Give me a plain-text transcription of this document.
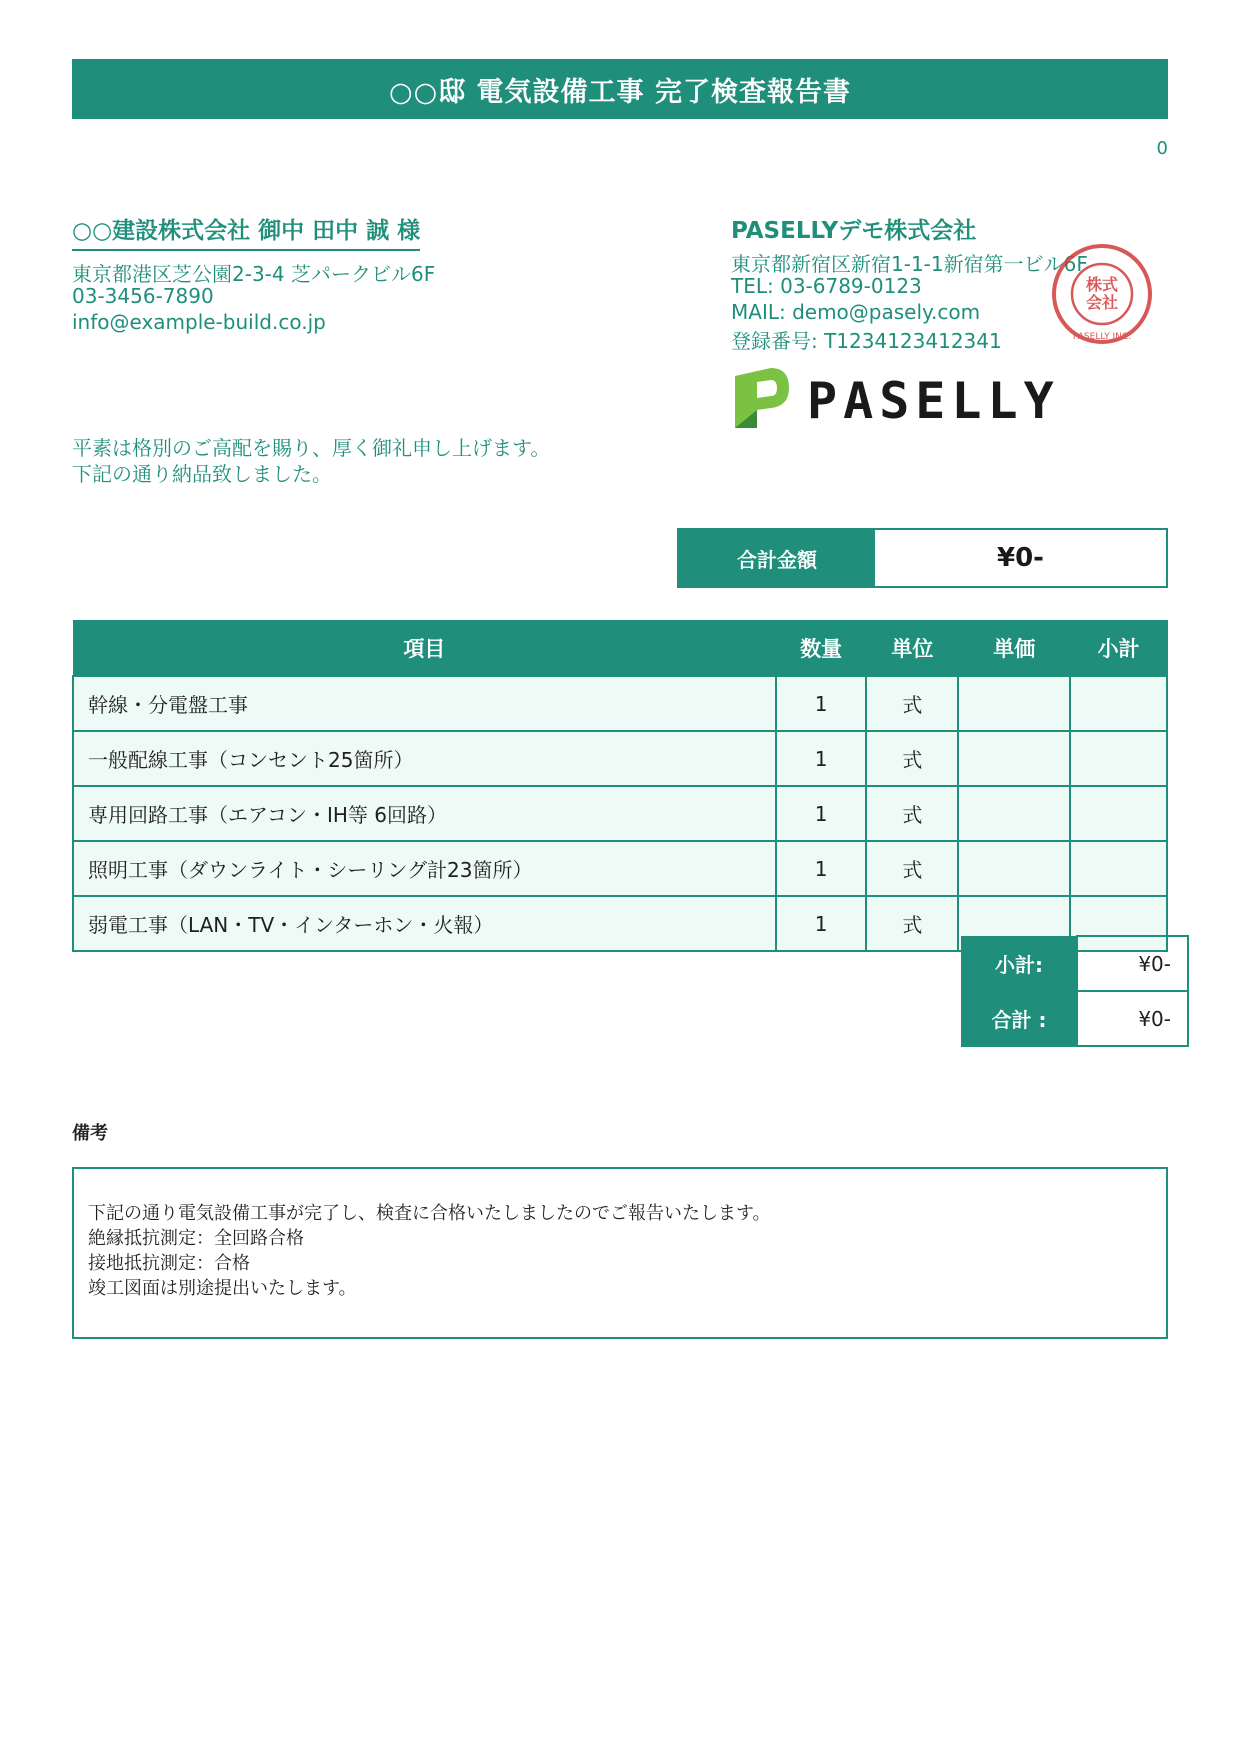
○○邸 電気設備工事 完了検査報告書
0
○○建設株式会社 御中 田中 誠 様
東京都港区芝公園2-3-4 芝パークビル6F
03-3456-7890
info@example-build.co.jp
PASELLYデモ株式会社
東京都新宿区新宿1-1-1新宿第一ビル6F
TEL: 03-6789-0123
MAIL: demo@pasely.com
登録番号: T1234123412341
株式
会社
PASELLY INC.
PASELLY
平素は格別のご高配を賜り、厚く御礼申し上げます。
下記の通り納品致しました。
合計金額	¥0-
項目	数量	単位	単価	小計
幹線・分電盤工事	1	式		
一般配線工事（コンセント25箇所）	1	式		
専用回路工事（エアコン・IH等 6回路）	1	式		
照明工事（ダウンライト・シーリング計23箇所）	1	式		
弱電工事（LAN・TV・インターホン・火報）	1	式		
小計:	¥0-
合計 :	¥0-
備考
下記の通り電気設備工事が完了し、検査に合格いたしましたのでご報告いたします。
絶縁抵抗測定：全回路合格
接地抵抗測定：合格
竣工図面は別途提出いたします。
